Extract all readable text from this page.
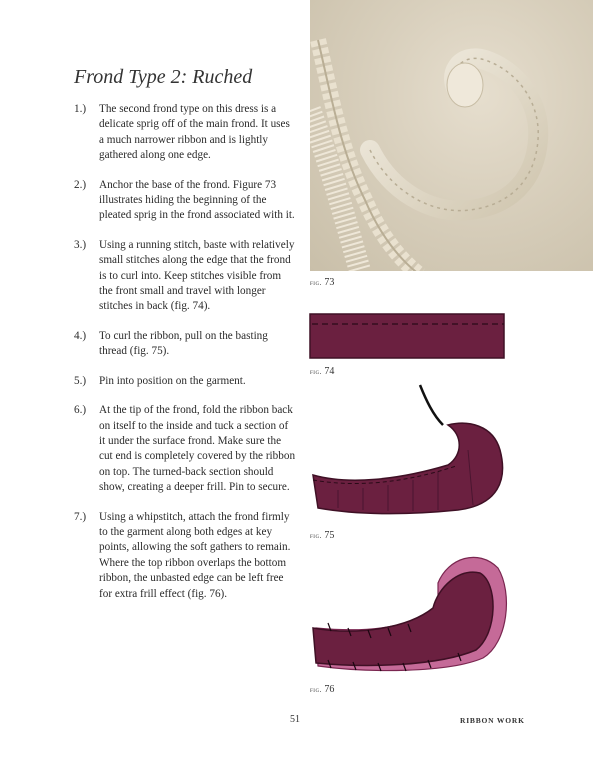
Frond Type 2: Ruched
1.)	The second frond type on this dress is a delicate sprig off of the main frond. It uses a much narrower ribbon and is lightly gathered along one edge.
2.)	Anchor the base of the frond. Figure 73 illustrates hiding the beginning of the pleated sprig in the frond associated with it.
3.)	Using a running stitch, baste with relatively small stitches along the edge that the frond is to curl into. Keep stitches visible from the front small and travel with longer stitches in back (fig. 74).
4.)	To curl the ribbon, pull on the basting thread (fig. 75).
5.)	Pin into position on the garment.
6.)	At the tip of the frond, fold the ribbon back on itself to the inside and tuck a section of it under the surface frond. Make sure the cut end is completely covered by the ribbon on top. The turned-back section should show, creating a deeper frill. Pin to secure.
7.)	Using a whipstitch, attach the frond firmly to the garment along both edges at key points, allowing the soft gathers to remain. Where the top ribbon overlaps the bottom ribbon, the unbasted edge can be left free for extra frill effect (fig. 76).
fig. 73
fig. 74
fig. 75
fig. 76
51	RIBBON WORK
